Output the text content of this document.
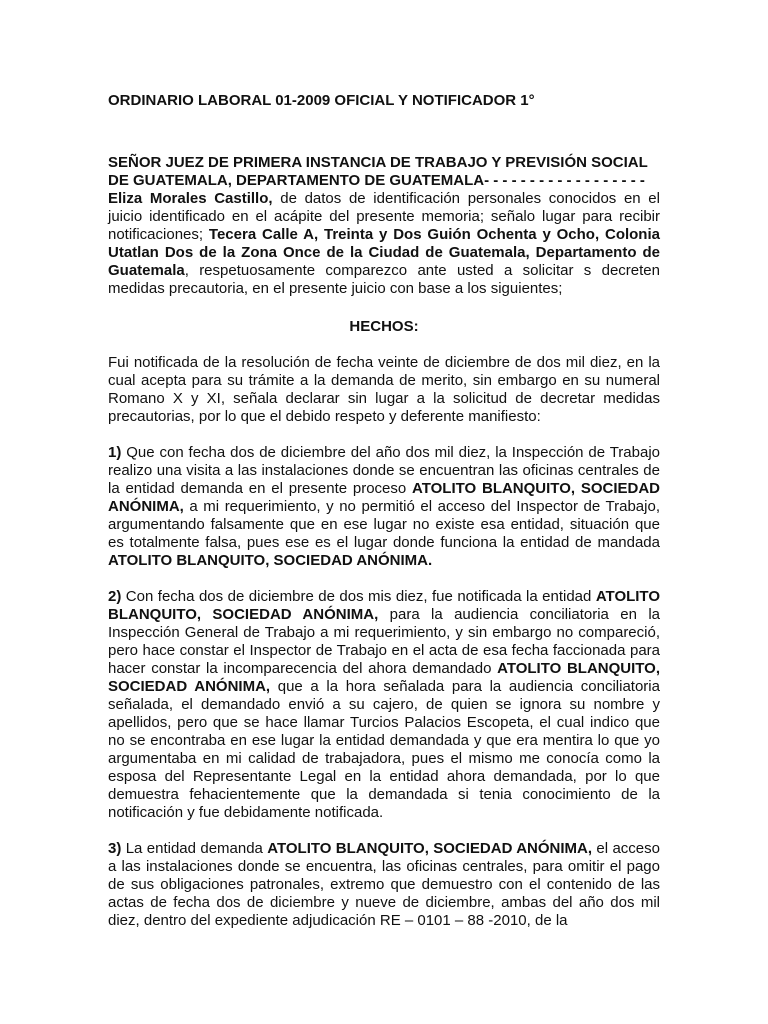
ORDINARIO LABORAL 01-2009 OFICIAL Y NOTIFICADOR 1°
SEÑOR JUEZ DE PRIMERA INSTANCIA DE TRABAJO Y PREVISIÓN SOCIAL
DE GUATEMALA, DEPARTAMENTO DE GUATEMALA- - - - - - - - - - - - - - - - - -

Eliza Morales Castillo, de datos de identificación personales conocidos en el juicio identificado en el acápite del presente memoria; señalo lugar para recibir notificaciones; Tecera Calle A, Treinta y Dos Guión Ochenta y Ocho, Colonia Utatlan Dos de la Zona Once de la Ciudad de Guatemala, Departamento de Guatemala, respetuosamente comparezco ante usted a solicitar s decreten medidas precautoria, en el presente juicio con base a los siguientes;

HECHOS:

Fui notificada de la resolución de fecha veinte de diciembre de dos mil diez, en la cual acepta para su trámite a la demanda de merito, sin embargo en su numeral Romano X y XI, señala declarar sin lugar a la solicitud de decretar medidas precautorias, por lo que el debido respeto y deferente manifiesto:

1) Que con fecha dos de diciembre del año dos mil diez, la Inspección de Trabajo realizo una visita a las instalaciones donde se encuentran las oficinas centrales de la entidad demanda en el presente proceso ATOLITO BLANQUITO, SOCIEDAD ANÓNIMA, a mi requerimiento, y no permitió el acceso del Inspector de Trabajo, argumentando falsamente que en ese lugar no existe esa entidad, situación que es totalmente falsa, pues ese es el lugar donde funciona la entidad de mandada ATOLITO BLANQUITO, SOCIEDAD ANÓNIMA.

2) Con fecha dos de diciembre de dos mis diez, fue notificada la entidad ATOLITO BLANQUITO, SOCIEDAD ANÓNIMA, para la audiencia conciliatoria en la Inspección General de Trabajo a mi requerimiento, y sin embargo no compareció, pero hace constar el Inspector de Trabajo en el acta de esa fecha faccionada para hacer constar la incomparecencia del ahora demandado ATOLITO BLANQUITO, SOCIEDAD ANÓNIMA, que a la hora señalada para la audiencia conciliatoria señalada, el demandado envió a su cajero, de quien se ignora su nombre y apellidos, pero que se hace llamar Turcios Palacios Escopeta, el cual indico que no se encontraba en ese lugar la entidad demandada y que era mentira lo que yo argumentaba en mi calidad de trabajadora, pues el mismo me conocía como la esposa del Representante Legal en la entidad ahora demandada, por lo que demuestra fehacientemente que la demandada si tenia conocimiento de la notificación y fue debidamente notificada.

3) La entidad demanda ATOLITO BLANQUITO, SOCIEDAD ANÓNIMA, el acceso a las instalaciones donde se encuentra, las oficinas centrales, para omitir el pago de sus obligaciones patronales, extremo que demuestro con el contenido de las actas de fecha dos de diciembre y nueve de diciembre, ambas del año dos mil diez, dentro del expediente adjudicación RE – 0101 – 88 -2010, de la
